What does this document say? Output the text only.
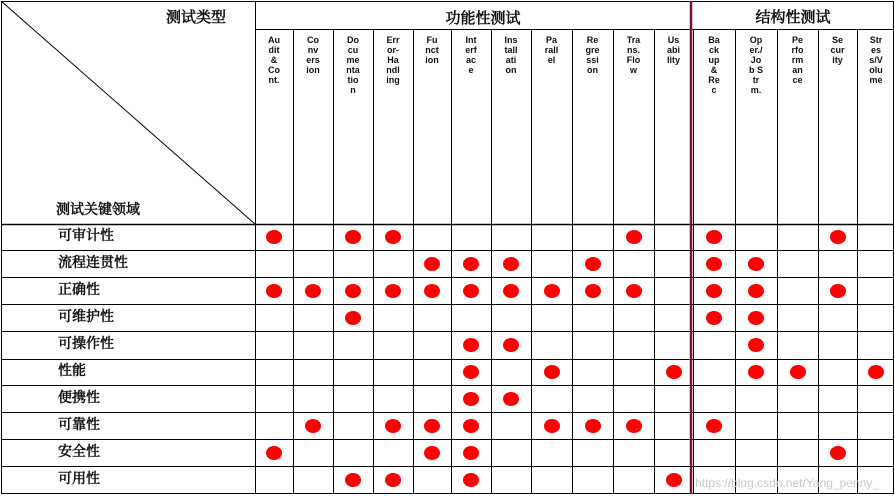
测试类型
测试关键领域
功能性测试	结构性测试
Audit & Cont.
Conversion
Documentation
Error- Handling
Function
Interface
Installation
Parallel
Regression
Trans. Flow
Usability
Backup & Rec
Oper./Job Strm.
Performance
Security
Stress/Volume
可审计性
流程连贯性
正确性
可维护性
可操作性
性能
便携性
可靠性
安全性
可用性	https://blog.csdn.net/Yang_penny_
